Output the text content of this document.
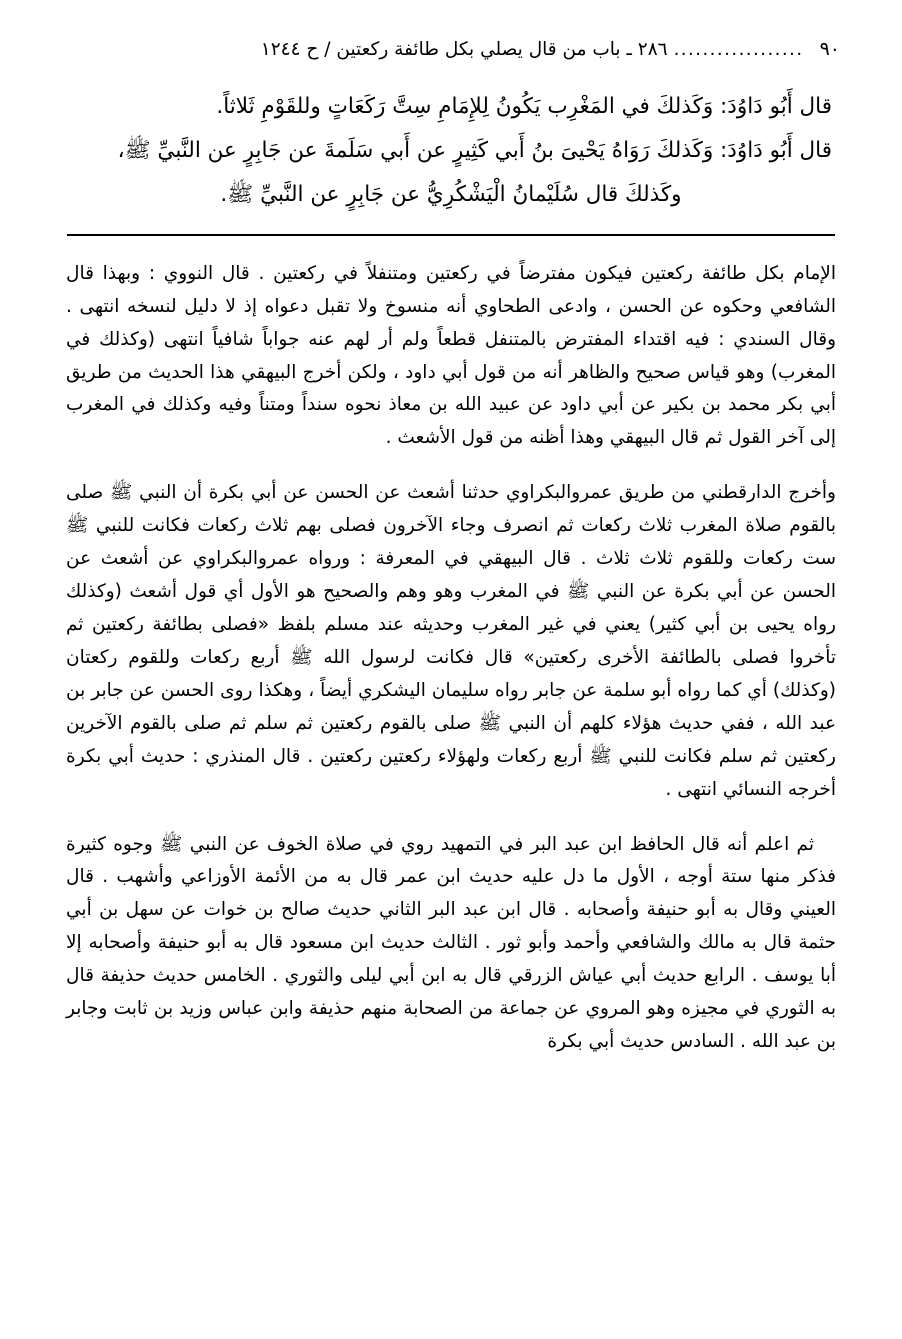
٩٠
..................
٢٨٦ ـ باب من قال يصلي بكل طائفة ركعتين / ح ١٢٤٤

قال أَبُو دَاوُدَ: وَكَذلكَ في المَغْرِب يَكُونُ لِلإِمَامِ سِتَّ رَكَعَاتٍ وللقَوْمِ ثَلاثاً.

قال أَبُو دَاوُدَ: وَكَذلكَ رَوَاهُ يَحْيىَ بنُ أَبي كَثِيرٍ عن أَبي سَلَمةَ عن جَابِرٍ عن النَّبيِّ ﷺ،

وكَذلكَ قال سُلَيْمانُ الْيَشْكُرِيُّ عن جَابِرٍ عن النَّبيِّ ﷺ.

الإمام بكل طائفة ركعتين فيكون مفترضاً في ركعتين ومتنفلاً في ركعتين . قال النووي : وبهذا قال الشافعي وحكوه عن الحسن ، وادعى الطحاوي أنه منسوخ ولا تقبل دعواه إذ لا دليل لنسخه انتهى . وقال السندي : فيه اقتداء المفترض بالمتنفل قطعاً ولم أر لهم عنه جواباً شافياً انتهى (وكذلك في المغرب) وهو قياس صحيح والظاهر أنه من قول أبي داود ، ولكن أخرج البيهقي هذا الحديث من طريق أبي بكر محمد بن بكير عن أبي داود عن عبيد الله بن معاذ نحوه سنداً ومتناً وفيه وكذلك في المغرب إلى آخر القول ثم قال البيهقي وهذا أظنه من قول الأشعث .

وأخرج الدارقطني من طريق عمروالبكراوي حدثنا أشعث عن الحسن عن أبي بكرة أن النبي ﷺ صلى بالقوم صلاة المغرب ثلاث ركعات ثم انصرف وجاء الآخرون فصلى بهم ثلاث ركعات فكانت للنبي ﷺ ست ركعات وللقوم ثلاث ثلاث . قال البيهقي في المعرفة : ورواه عمروالبكراوي عن أشعث عن الحسن عن أبي بكرة عن النبي ﷺ في المغرب وهو وهم والصحيح هو الأول أي قول أشعث (وكذلك رواه يحيى بن أبي كثير) يعني في غير المغرب وحديثه عند مسلم بلفظ «فصلى بطائفة ركعتين ثم تأخروا فصلى بالطائفة الأخرى ركعتين» قال فكانت لرسول الله ﷺ أربع ركعات وللقوم ركعتان (وكذلك) أي كما رواه أبو سلمة عن جابر رواه سليمان اليشكري أيضاً ، وهكذا روى الحسن عن جابر بن عبد الله ، ففي حديث هؤلاء كلهم أن النبي ﷺ صلى بالقوم ركعتين ثم سلم ثم صلى بالقوم الآخرين ركعتين ثم سلم فكانت للنبي ﷺ أربع ركعات ولهؤلاء ركعتين ركعتين . قال المنذري : حديث أبي بكرة أخرجه النسائي انتهى .

ثم اعلم أنه قال الحافظ ابن عبد البر في التمهيد روي في صلاة الخوف عن النبي ﷺ وجوه كثيرة فذكر منها ستة أوجه ، الأول ما دل عليه حديث ابن عمر قال به من الأئمة الأوزاعي وأشهب . قال العيني وقال به أبو حنيفة وأصحابه . قال ابن عبد البر الثاني حديث صالح بن خوات عن سهل بن أبي حثمة قال به مالك والشافعي وأحمد وأبو ثور . الثالث حديث ابن مسعود قال به أبو حنيفة وأصحابه إلا أبا يوسف . الرابع حديث أبي عياش الزرقي قال به ابن أبي ليلى والثوري . الخامس حديث حذيفة قال به الثوري في مجيزه وهو المروي عن جماعة من الصحابة منهم حذيفة وابن عباس وزيد بن ثابت وجابر بن عبد الله . السادس حديث أبي بكرة
